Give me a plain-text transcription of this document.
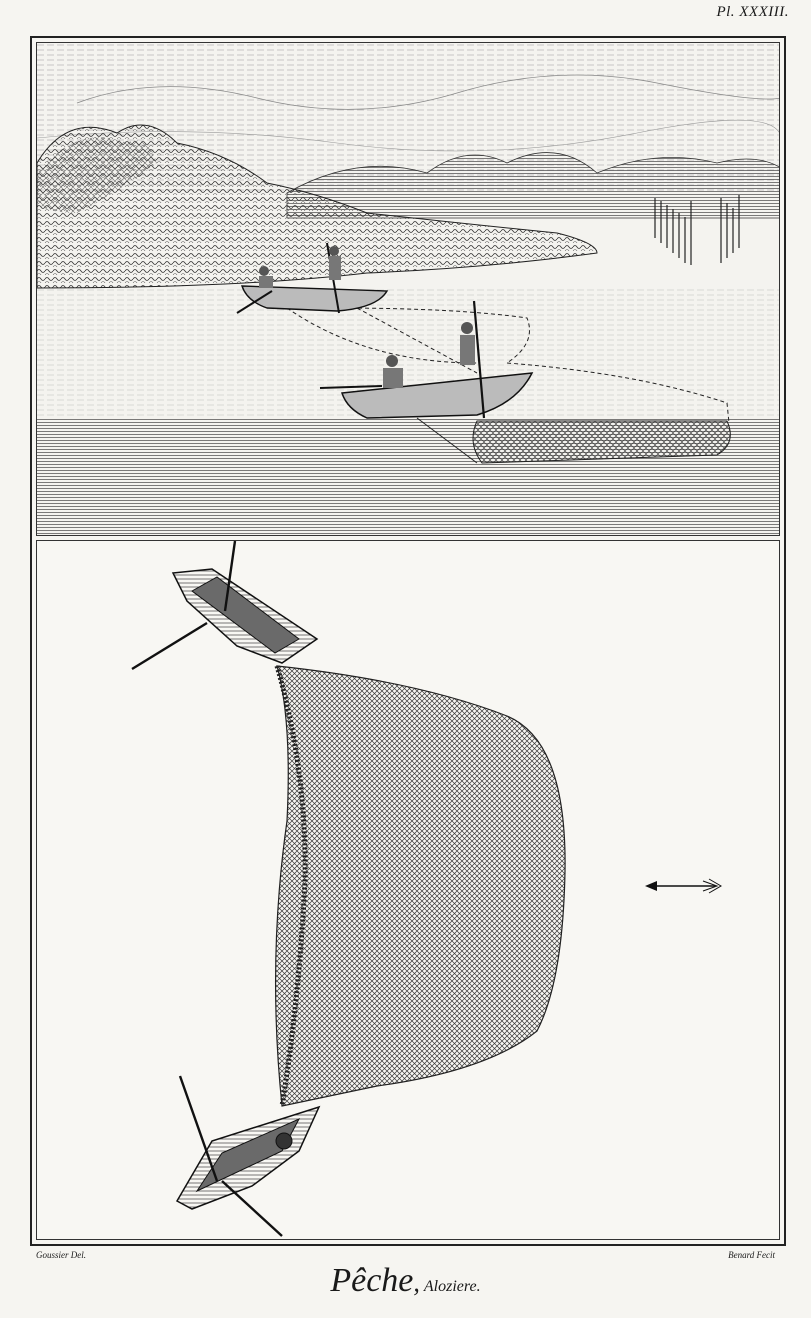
Pl. XXXIII.
Goussier Del.	Benard Fecit
Pêche, Aloziere.
